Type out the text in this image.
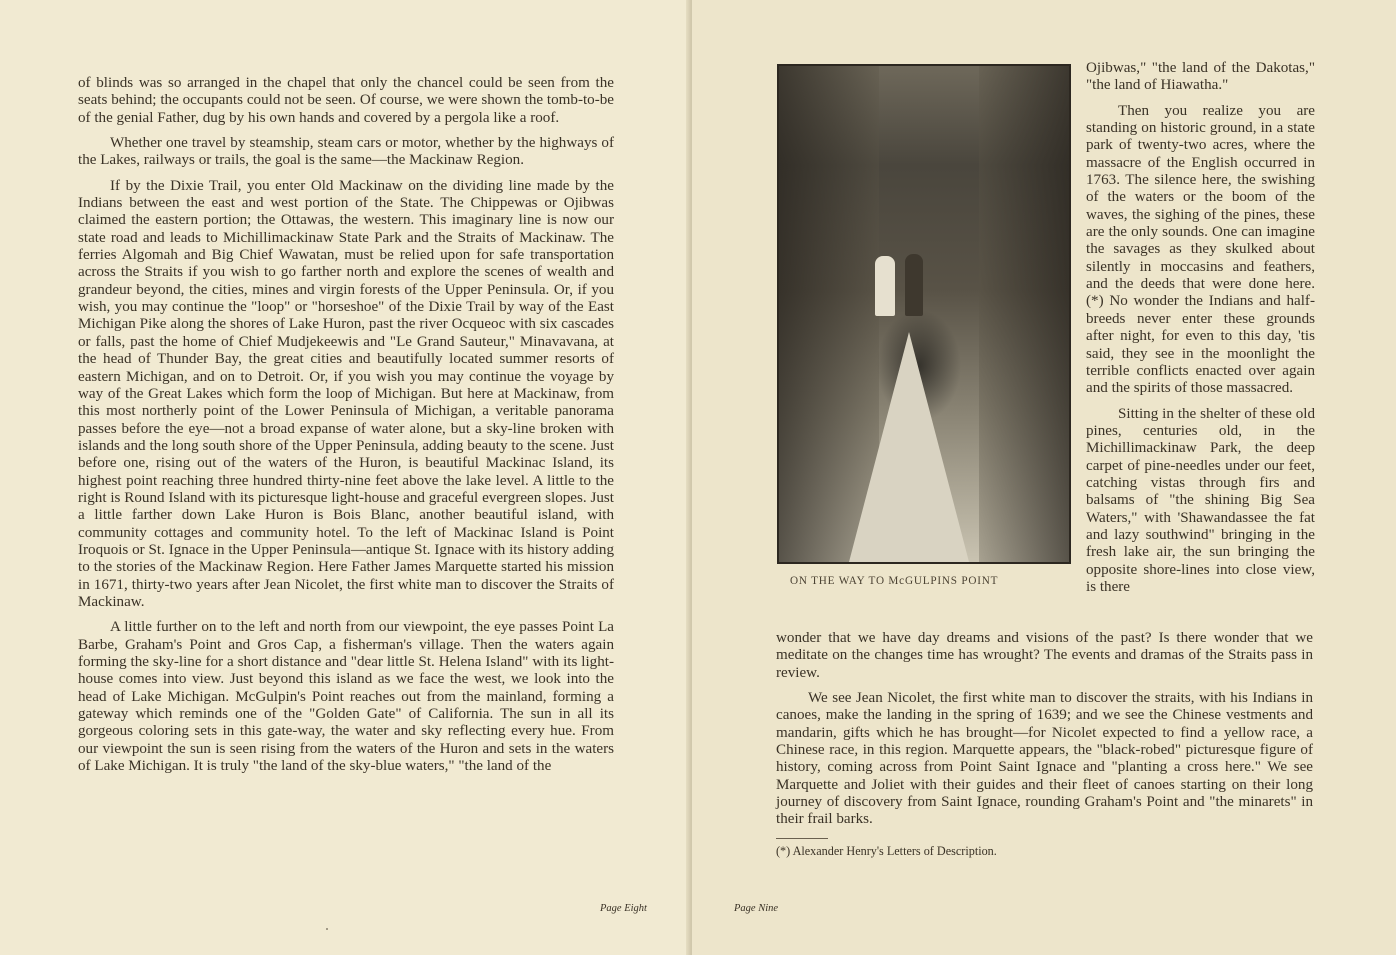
of blinds was so arranged in the chapel that only the chancel could be seen from the seats behind; the occupants could not be seen. Of course, we were shown the tomb-to-be of the genial Father, dug by his own hands and covered by a pergola like a roof.

Whether one travel by steamship, steam cars or motor, whether by the highways of the Lakes, railways or trails, the goal is the same—the Mackinaw Region.

If by the Dixie Trail, you enter Old Mackinaw on the dividing line made by the Indians between the east and west portion of the State. The Chippewas or Ojibwas claimed the eastern portion; the Ottawas, the western. This imaginary line is now our state road and leads to Michillimackinaw State Park and the Straits of Mackinaw. The ferries Algomah and Big Chief Wawatan, must be relied upon for safe transportation across the Straits if you wish to go farther north and explore the scenes of wealth and grandeur beyond, the cities, mines and virgin forests of the Upper Peninsula. Or, if you wish, you may continue the "loop" or "horseshoe" of the Dixie Trail by way of the East Michigan Pike along the shores of Lake Huron, past the river Ocqueoc with six cascades or falls, past the home of Chief Mudjekeewis and "Le Grand Sauteur," Minavavana, at the head of Thunder Bay, the great cities and beautifully located summer resorts of eastern Michigan, and on to Detroit. Or, if you wish you may continue the voyage by way of the Great Lakes which form the loop of Michigan. But here at Mackinaw, from this most northerly point of the Lower Peninsula of Michigan, a veritable panorama passes before the eye—not a broad expanse of water alone, but a sky-line broken with islands and the long south shore of the Upper Peninsula, adding beauty to the scene. Just before one, rising out of the waters of the Huron, is beautiful Mackinac Island, its highest point reaching three hundred thirty-nine feet above the lake level. A little to the right is Round Island with its picturesque light-house and graceful evergreen slopes. Just a little farther down Lake Huron is Bois Blanc, another beautiful island, with community cottages and community hotel. To the left of Mackinac Island is Point Iroquois or St. Ignace in the Upper Peninsula—antique St. Ignace with its history adding to the stories of the Mackinaw Region. Here Father James Marquette started his mission in 1671, thirty-two years after Jean Nicolet, the first white man to discover the Straits of Mackinaw.

A little further on to the left and north from our viewpoint, the eye passes Point La Barbe, Graham's Point and Gros Cap, a fisherman's village. Then the waters again forming the sky-line for a short distance and "dear little St. Helena Island" with its light-house comes into view. Just beyond this island as we face the west, we look into the head of Lake Michigan. McGulpin's Point reaches out from the mainland, forming a gateway which reminds one of the "Golden Gate" of California. The sun in all its gorgeous coloring sets in this gate-way, the water and sky reflecting every hue. From our viewpoint the sun is seen rising from the waters of the Huron and sets in the waters of Lake Michigan. It is truly "the land of the sky-blue waters," "the land of the

Page Eight
ON THE WAY TO McGULPINS POINT

Ojibwas," "the land of the Dakotas," "the land of Hiawatha."

Then you realize you are standing on historic ground, in a state park of twenty-two acres, where the massacre of the English occurred in 1763. The silence here, the swishing of the waters or the boom of the waves, the sighing of the pines, these are the only sounds. One can imagine the savages as they skulked about silently in moccasins and feathers, and the deeds that were done here. (*) No wonder the Indians and half-breeds never enter these grounds after night, for even to this day, 'tis said, they see in the moonlight the terrible conflicts enacted over again and the spirits of those massacred.

Sitting in the shelter of these old pines, centuries old, in the Michillimackinaw Park, the deep carpet of pine-needles under our feet, catching vistas through firs and balsams of "the shining Big Sea Waters," with 'Shawandassee the fat and lazy southwind" bringing in the fresh lake air, the sun bringing the opposite shore-lines into close view, is there

wonder that we have day dreams and visions of the past? Is there wonder that we meditate on the changes time has wrought? The events and dramas of the Straits pass in review.

We see Jean Nicolet, the first white man to discover the straits, with his Indians in canoes, make the landing in the spring of 1639; and we see the Chinese vestments and mandarin, gifts which he has brought—for Nicolet expected to find a yellow race, a Chinese race, in this region. Marquette appears, the "black-robed" picturesque figure of history, coming across from Point Saint Ignace and "planting a cross here." We see Marquette and Joliet with their guides and their fleet of canoes starting on their long journey of discovery from Saint Ignace, rounding Graham's Point and "the minarets" in their frail barks.

(*) Alexander Henry's Letters of Description.
Page Nine
